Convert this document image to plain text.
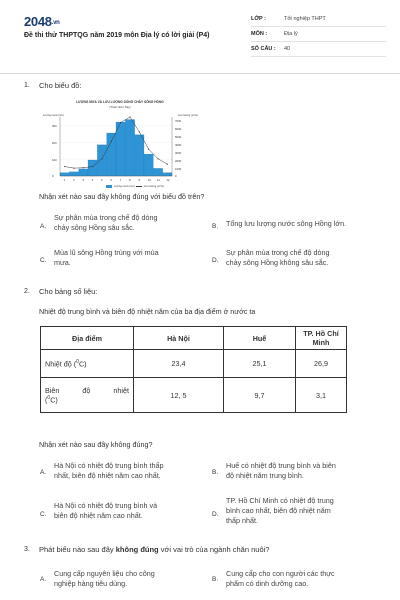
2048.vn
Đề thi thử THPTQG năm 2019 môn Địa lý có lời giải (P4)
LỚP :	Tốt nghiệp THPT
MÔN :	Địa lý
SỐ CÂU :	40
1. Cho biểu đồ:
LƯỢNG MƯA VÀ LƯU LƯỢNG DÒNG CHẢY SÔNG HỒNG
(Trạm Sơn Tây)
Lượng mưa (mm)	Lưu lượng (m³/s)
Lượng mưa (mm)	Lưu lượng (m³/s)
0
100
200
300
0
1000
2000
3000
4000
5000
6000
7000
1	2	3	4	5	6	7	8	9	10 11 12
Nhận xét nào sau đây không đúng với biểu đồ trên?
A.
Sự phân mùa trong chế độ dòng
chảy sông Hồng sâu sắc.	B. Tổng lưu lượng nước sông Hồng lớn.
C.
Mùa lũ sông Hồng trùng với mùa
mưa.	D.
Sự phân mùa trong chế độ dòng
chảy sông Hồng không sâu sắc.
2. Cho bảng số liệu:
Nhiệt độ trung bình và biên độ nhiệt năm của ba địa điểm ở nước ta
Địa điểm	Hà Nội	Huế	TP. Hồ Chí Minh
Nhiệt độ ($^0$C)	23,4	25,1	26,9

Biên độ nhiệt
($^0$C)	12, 5	9,7	3,1
Nhận xét nào sau đây không đúng?
A.
Hà Nội có nhiệt độ trung bình thấp
nhất, biên độ nhiệt năm cao nhất.	B.
Huế có nhiệt độ trung bình và biên
độ nhiệt năm trung bình.
C.
Hà Nội có nhiệt độ trung bình và
biên độ nhiệt năm cao nhất.	D.
TP. Hồ Chí Minh có nhiệt độ trung
bình cao nhất, biên độ nhiệt năm
thấp nhất.
3. Phát biểu nào sau đây không đúng với vai trò của ngành chăn nuôi?
A.
Cung cấp nguyên liệu cho công
nghiệp hàng tiêu dùng.	B.
Cung cấp cho con người các thực
phẩm có dinh dưỡng cao.
